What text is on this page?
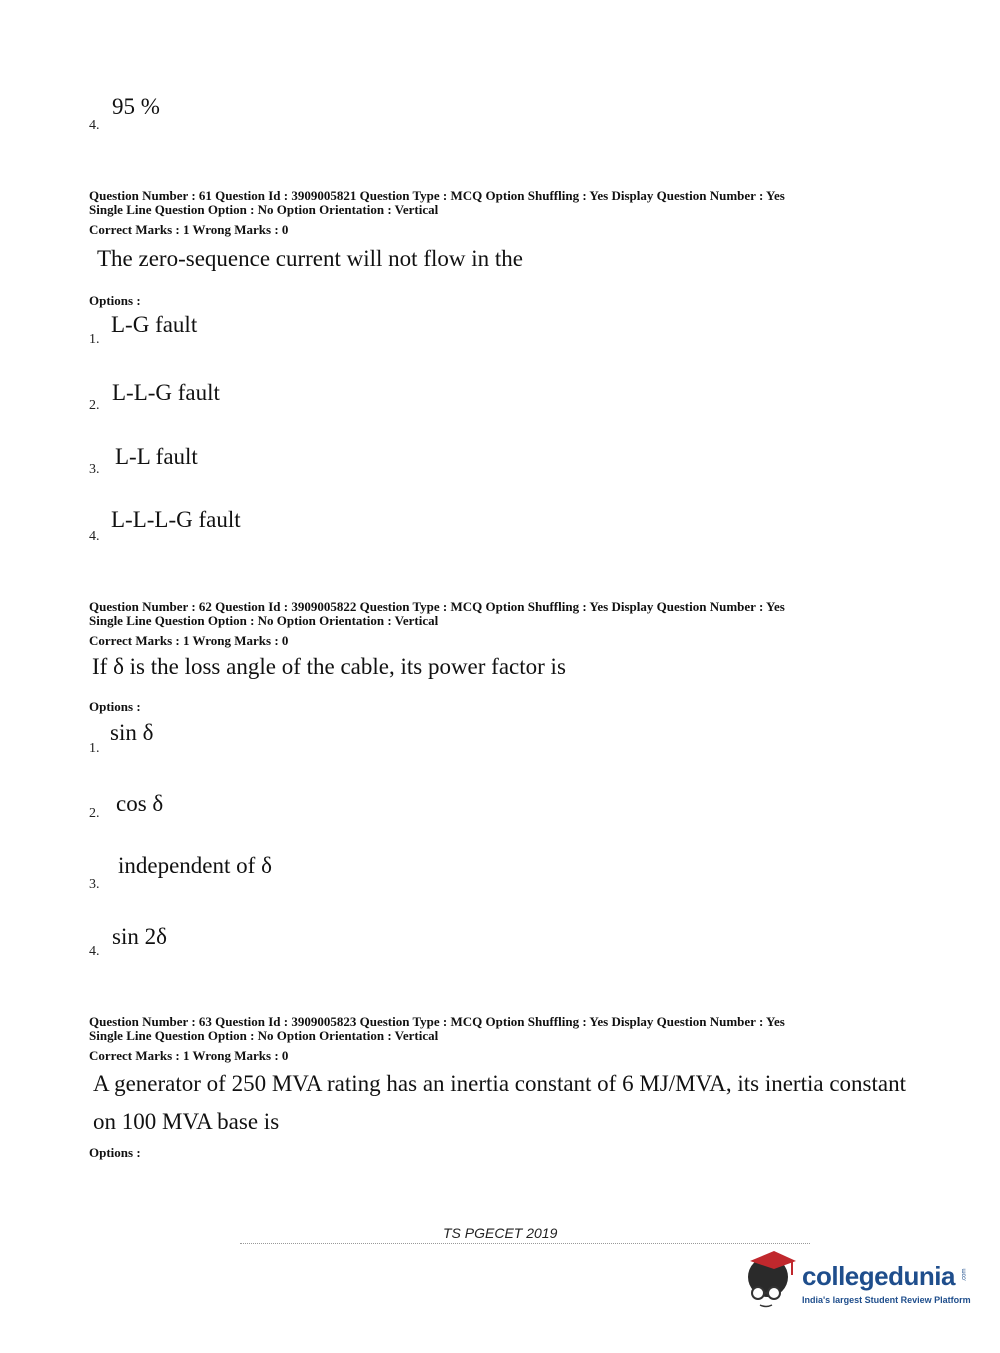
95 %
4.
Question Number : 61 Question Id : 3909005821 Question Type : MCQ Option Shuffling : Yes Display Question Number : Yes
Single Line Question Option : No Option Orientation : Vertical
Correct Marks : 1 Wrong Marks : 0
The zero-sequence current will not flow in the
Options :
L-G fault
1.
L-L-G fault
2.
L-L fault
3.
L-L-L-G fault
4.
Question Number : 62 Question Id : 3909005822 Question Type : MCQ Option Shuffling : Yes Display Question Number : Yes
Single Line Question Option : No Option Orientation : Vertical
Correct Marks : 1 Wrong Marks : 0
If δ is the loss angle of the cable, its power factor is
Options :
sin δ
1.
cos δ
2.
independent of δ
3.
sin 2δ
4.
Question Number : 63 Question Id : 3909005823 Question Type : MCQ Option Shuffling : Yes Display Question Number : Yes
Single Line Question Option : No Option Orientation : Vertical
Correct Marks : 1 Wrong Marks : 0
A generator of 250 MVA rating has an inertia constant of 6 MJ/MVA, its inertia constant
on 100 MVA base is
Options :
TS PGECET 2019
collegedunia .com
India's largest Student Review Platform
